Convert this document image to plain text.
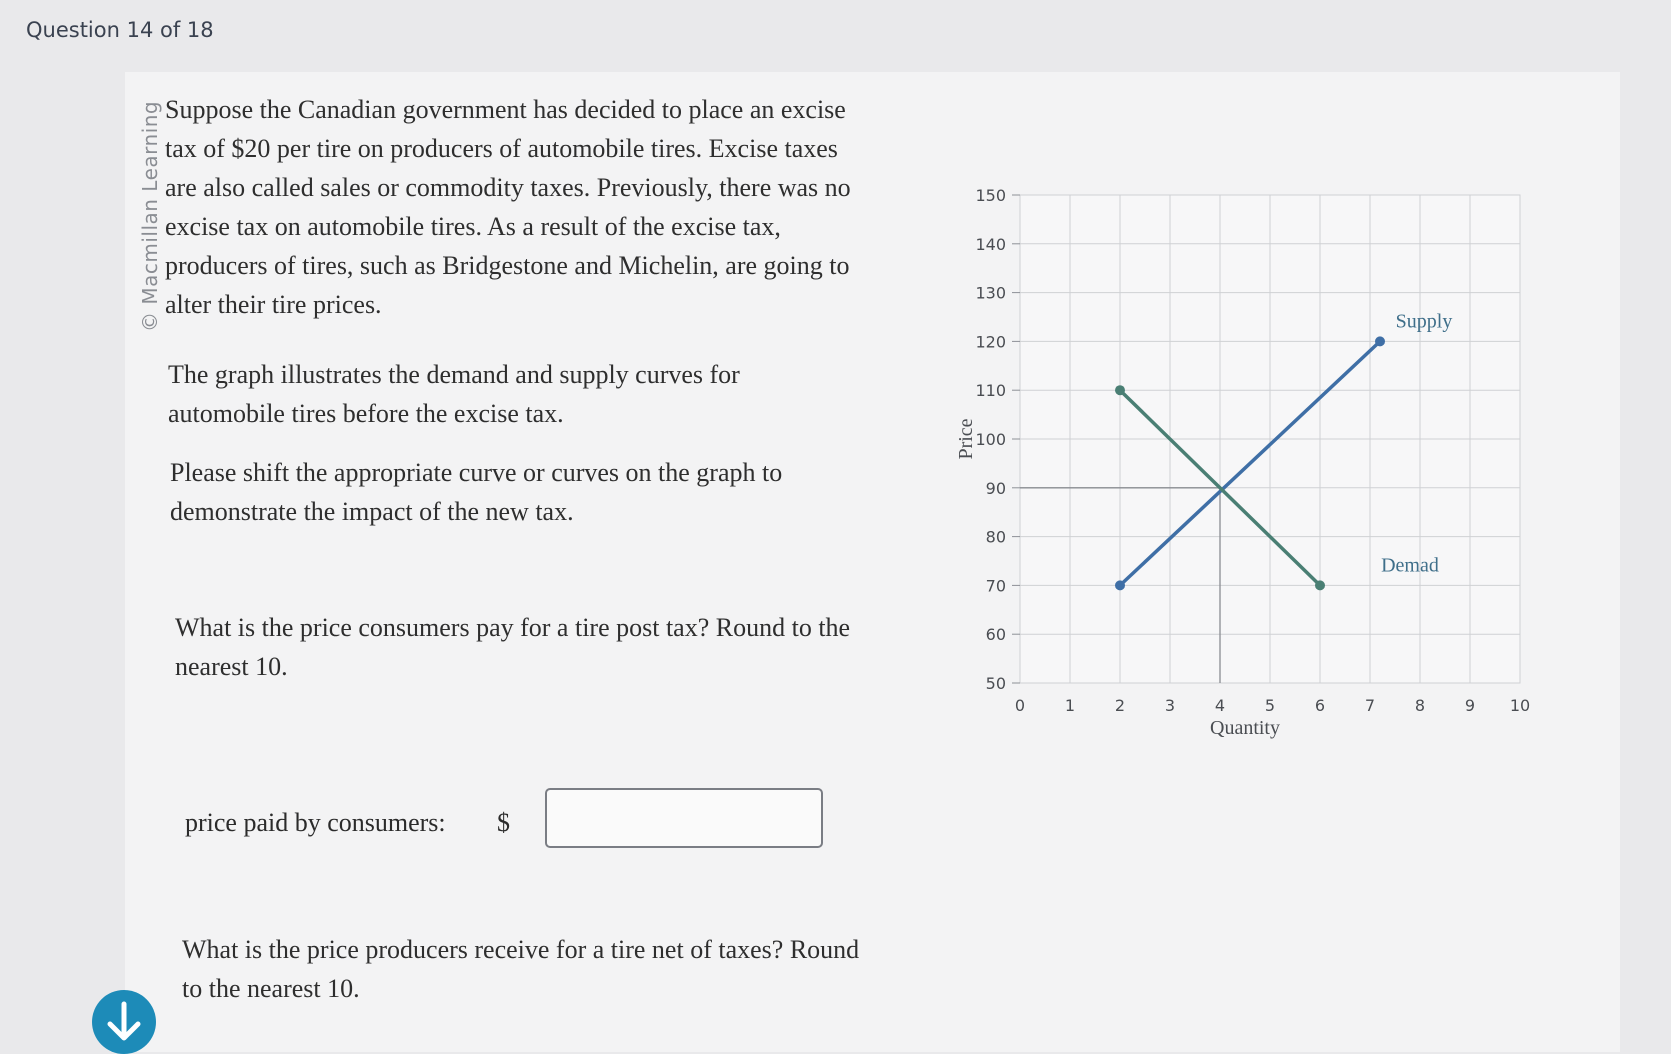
Question 14 of 18
© Macmillan Learning Suppose the Canadian government has decided to place an excise tax of $20 per tire on producers of automobile tires. Excise taxes are also called sales or commodity taxes. Previously, there was no excise tax on automobile tires. As a result of the excise tax, producers of tires, such as Bridgestone and Michelin, are going to alter their tire prices.
The graph illustrates the demand and supply curves for automobile tires before the excise tax.
Please shift the appropriate curve or curves on the graph to demonstrate the impact of the new tax.
What is the price consumers pay for a tire post tax? Round to the nearest 10.
price paid by consumers: $
What is the price producers receive for a tire net of taxes? Round to the nearest 10.
50
60
70
80
90
100
110
120
130
140
150
0 1 2 3 4 5 6 7 8 9 10
Supply
Demad
Quantity
Price
